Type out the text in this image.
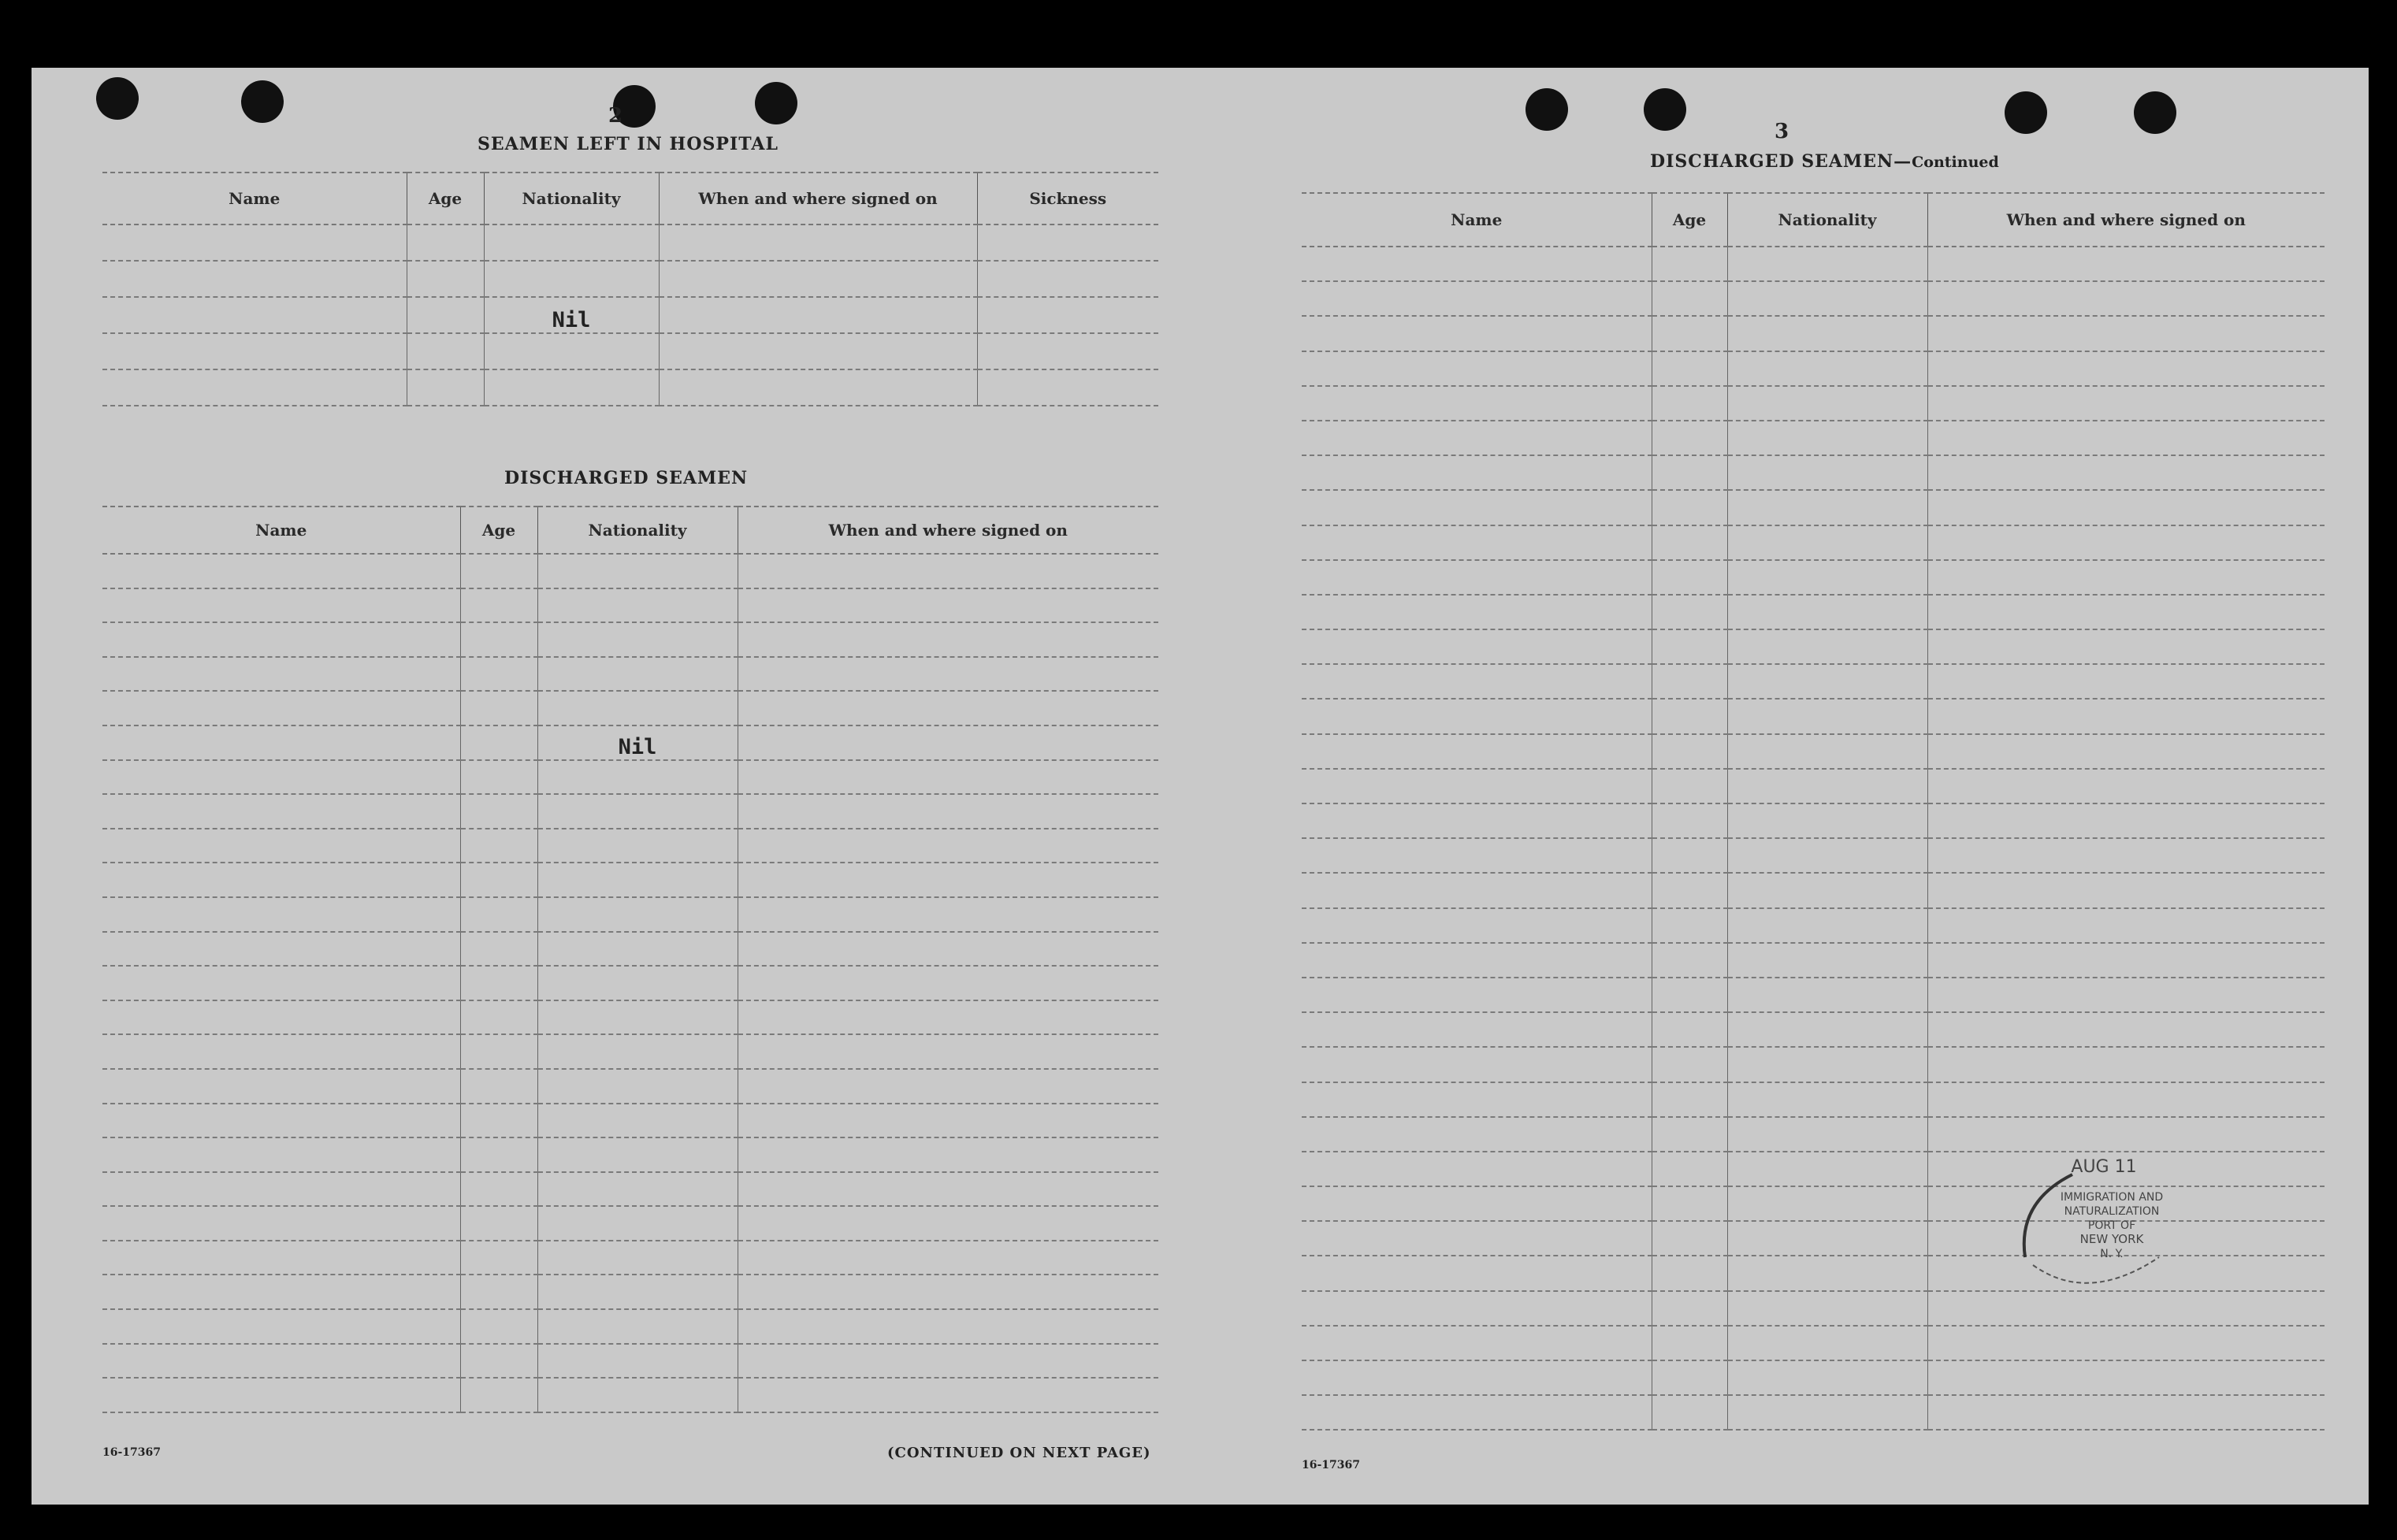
2
SEAMEN LEFT IN HOSPITAL
Name	Age	Nationality	When and where signed on	Sickness

		Nil		

DISCHARGED SEAMEN
Name	Age	Nationality	When and where signed on

		Nil	

16-17367	(CONTINUED ON NEXT PAGE)
3
DISCHARGED SEAMEN—Continued
Name	Age	Nationality	When and where signed on

AUG 11
IMMIGRATION AND
NATURALIZATION
PORT OF
NEW YORK
N. Y.
16-17367
